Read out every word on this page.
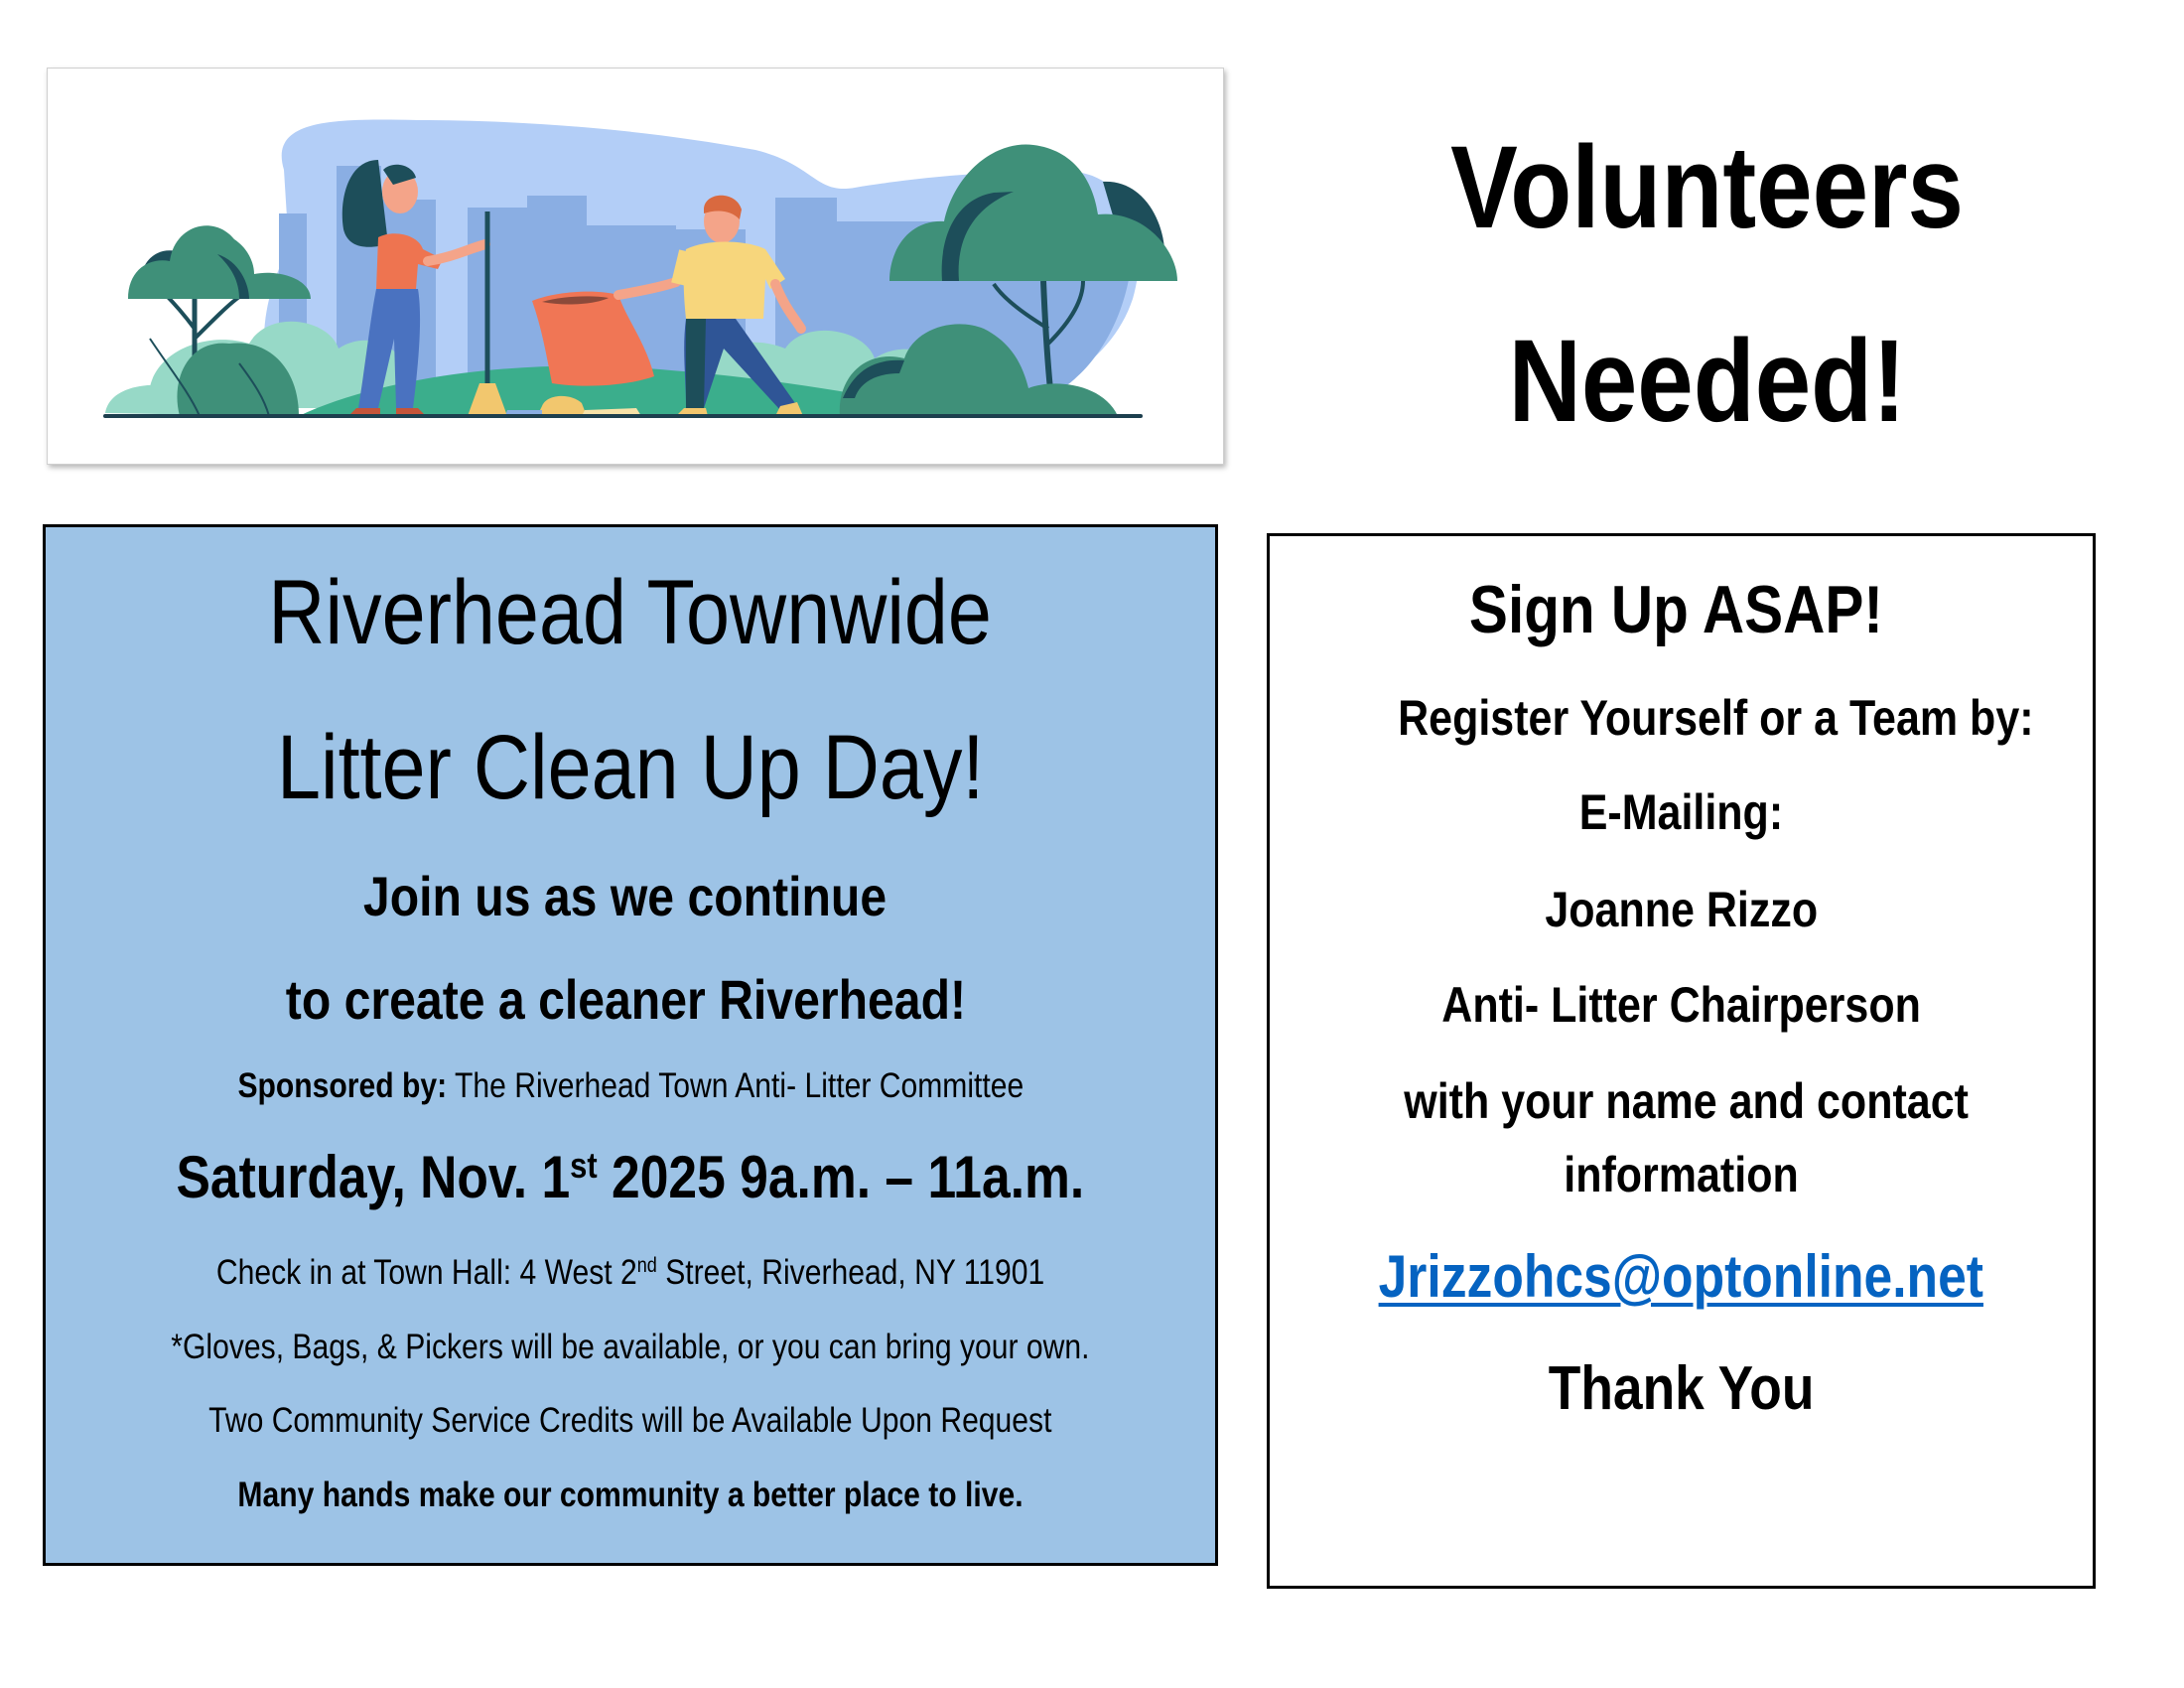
Volunteers
Needed!
Riverhead Townwide
Litter Clean Up Day!
Join us as we continue
to create a cleaner Riverhead!
Sponsored by: The Riverhead Town Anti- Litter Committee
Saturday, Nov. 1st 2025 9a.m. – 11a.m.
Check in at Town Hall: 4 West 2nd Street, Riverhead, NY 11901
*Gloves, Bags, & Pickers will be available, or you can bring your own.
Two Community Service Credits will be Available Upon Request
Many hands make our community a better place to live.
Sign Up ASAP!
Register Yourself or a Team by:
E-Mailing:
Joanne Rizzo
Anti- Litter Chairperson
with your name and contact
information
Jrizzohcs@optonline.net
Thank You
